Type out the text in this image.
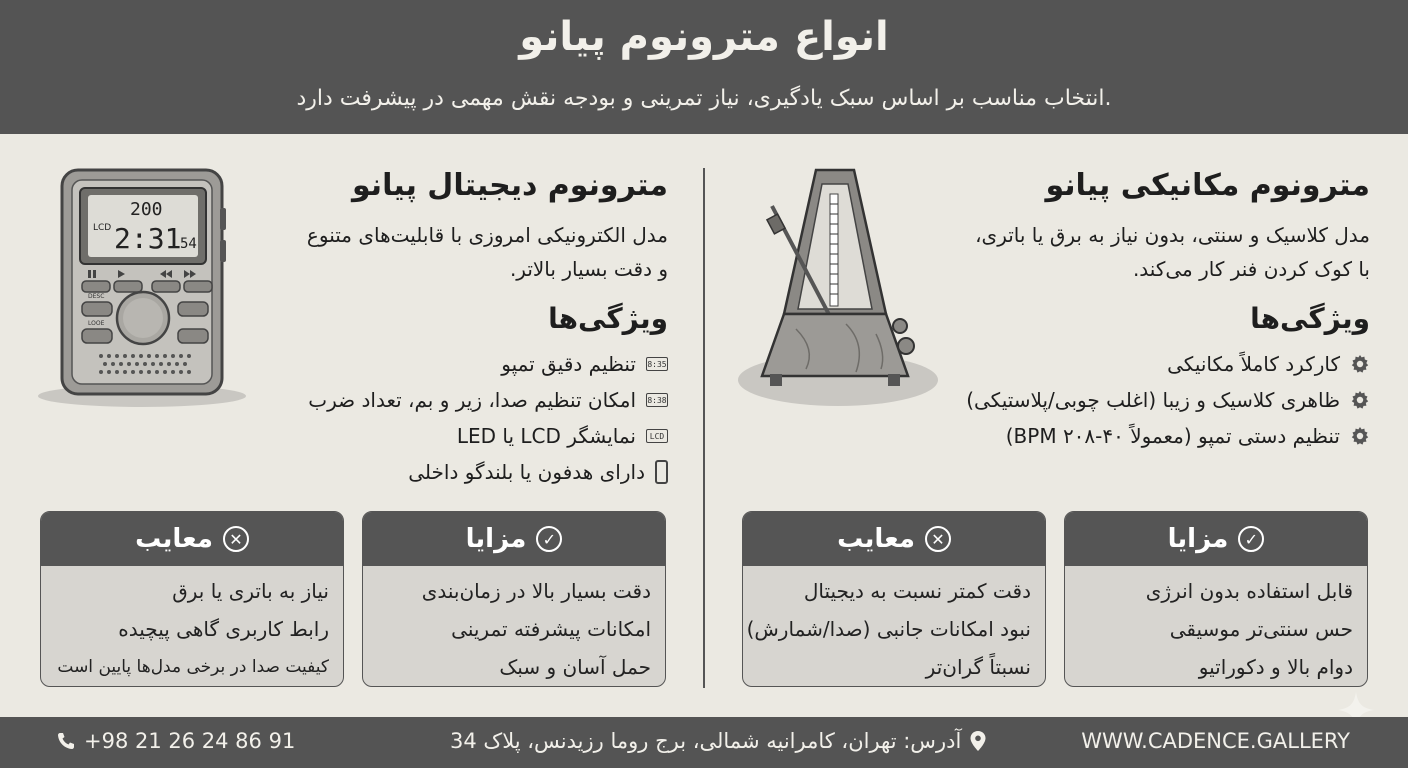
انواع مترونوم پیانو
انتخاب مناسب بر اساس سبک یادگیری، نیاز تمرینی و بودجه نقش مهمی در پیشرفت دارد.
200
LCD 2:31
54
DESC
LOOE
مترونوم دیجیتال پیانو
مدل الکترونیکی امروزی با قابلیت‌های متنوع
و دقت بسیار بالاتر.
ویژگی‌ها
8:35
تنظیم دقیق تمپو
8:38
امکان تنظیم صدا، زیر و بم، تعداد ضرب
LCD
نمایشگر LCD یا LED
دارای هدفون یا بلندگو داخلی
مترونوم مکانیکی پیانو
مدل کلاسیک و سنتی، بدون نیاز به برق یا باتری،
با کوک کردن فنر کار می‌کند.
ویژگی‌ها
کارکرد کاملاً مکانیکی
ظاهری کلاسیک و زیبا (اغلب چوبی/پلاستیکی)
تنظیم دستی تمپو (معمولاً ۴۰-۲۰۸ BPM)
✕
معایب
نیاز به باتری یا برق
رابط کاربری گاهی پیچیده
کیفیت صدا در برخی مدل‌ها پایین است
✓
مزایا
دقت بسیار بالا در زمان‌بندی
امکانات پیشرفته تمرینی
حمل آسان و سبک
✕
معایب
دقت کمتر نسبت به دیجیتال
نبود امکانات جانبی (صدا/شمارش)
نسبتاً گران‌تر
✓
مزایا
قابل استفاده بدون انرژی
حس سنتی‌تر موسیقی
دوام بالا و دکوراتیو
+98 21 26 24 86 91	آدرس: تهران، کامرانیه شمالی، برج روما رزیدنس، پلاک 34	WWW.CADENCE.GALLERY
